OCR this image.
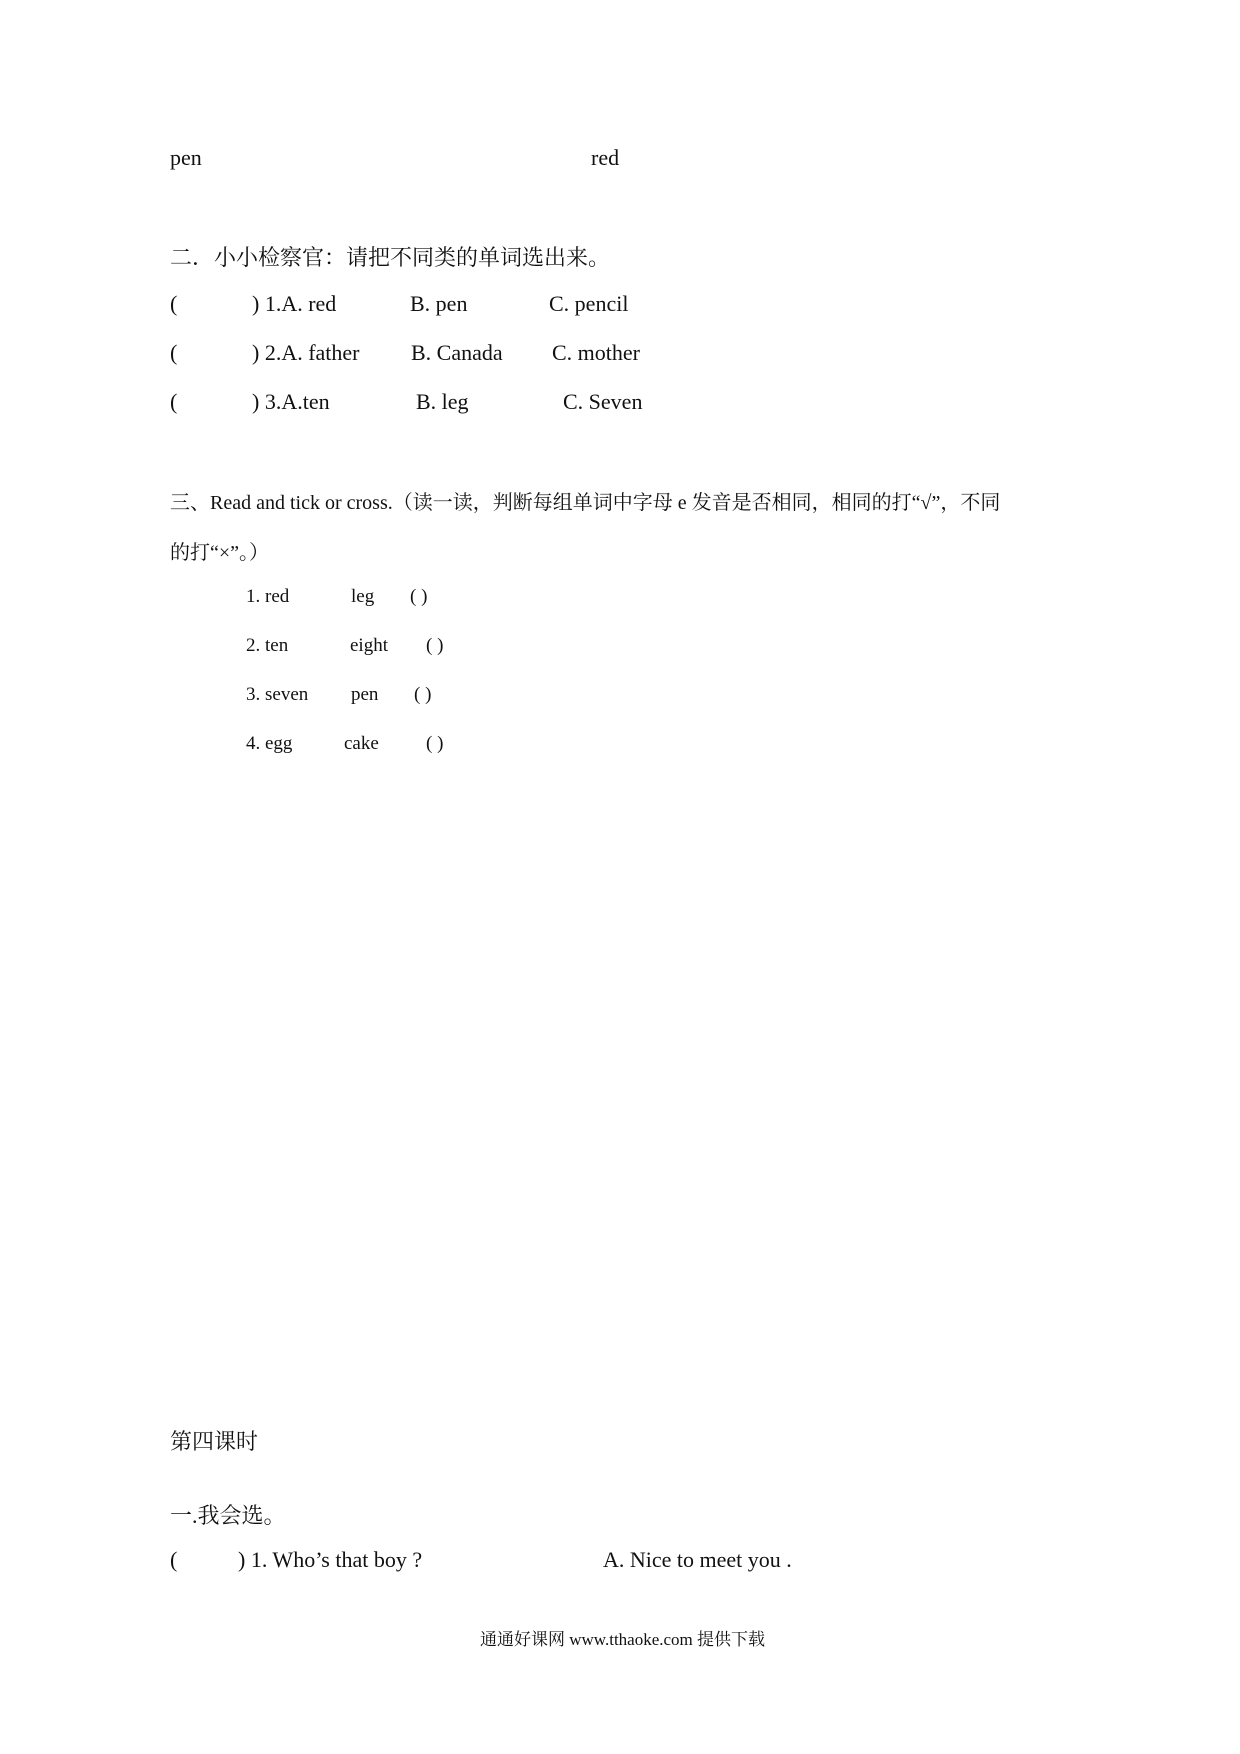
pen	red
二．小小检察官：请把不同类的单词选出来。
(	) 1.A. red	B. pen	C. pencil
(	) 2.A. father B. Canada C. mother
(	) 3.A.ten	B. leg	C. Seven
三、Read and tick or cross.（读一读，判断每组单词中字母 e 发音是否相同，相同的打“√”，不同
的打“×”。）
1. red	leg ( )
2. ten	eight ( )
3. seven pen ( )
4. egg	cake ( )
第四课时
一.我会选。
(	) 1. Who’s that boy ?	A. Nice to meet you .
通通好课网 www.tthaoke.com 提供下载
